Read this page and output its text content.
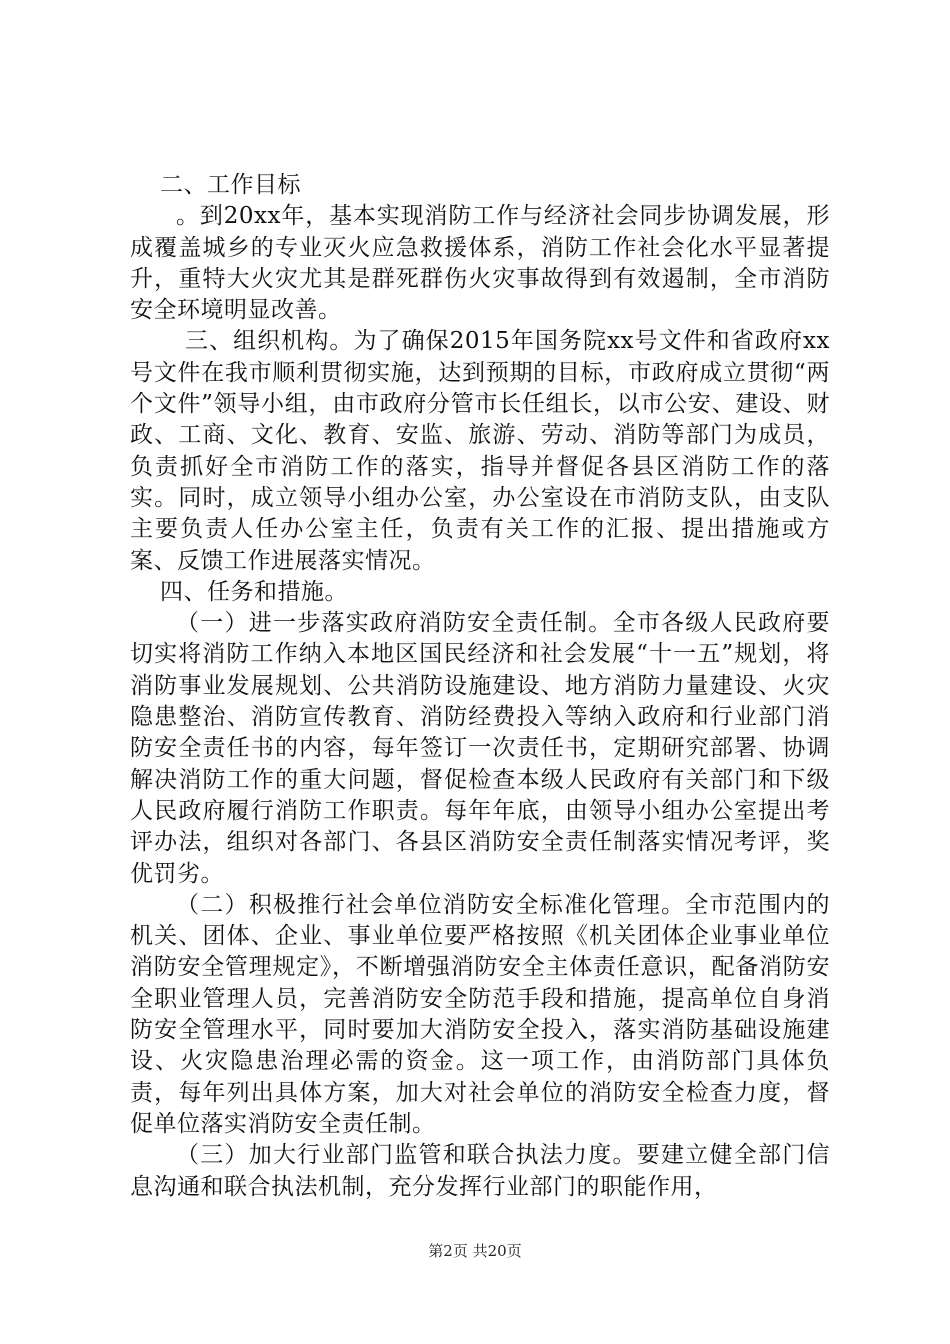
二、工作目标

。到20xx年，基本实现消防工作与经济社会同步协调发展，形成覆盖城乡的专业灭火应急救援体系，消防工作社会化水平显著提升，重特大火灾尤其是群死群伤火灾事故得到有效遏制，全市消防安全环境明显改善。

三、组织机构。为了确保2015年国务院xx号文件和省政府xx号文件在我市顺利贯彻实施，达到预期的目标，市政府成立贯彻“两个文件”领导小组，由市政府分管市长任组长，以市公安、建设、财政、工商、文化、教育、安监、旅游、劳动、消防等部门为成员，负责抓好全市消防工作的落实，指导并督促各县区消防工作的落实。同时，成立领导小组办公室，办公室设在市消防支队，由支队主要负责人任办公室主任，负责有关工作的汇报、提出措施或方案、反馈工作进展落实情况。

四、任务和措施。

（一）进一步落实政府消防安全责任制。全市各级人民政府要切实将消防工作纳入本地区国民经济和社会发展“十一五”规划，将消防事业发展规划、公共消防设施建设、地方消防力量建设、火灾隐患整治、消防宣传教育、消防经费投入等纳入政府和行业部门消防安全责任书的内容，每年签订一次责任书，定期研究部署、协调解决消防工作的重大问题，督促检查本级人民政府有关部门和下级人民政府履行消防工作职责。每年年底，由领导小组办公室提出考评办法，组织对各部门、各县区消防安全责任制落实情况考评，奖优罚劣。

（二）积极推行社会单位消防安全标准化管理。全市范围内的机关、团体、企业、事业单位要严格按照《机关团体企业事业单位消防安全管理规定》，不断增强消防安全主体责任意识，配备消防安全职业管理人员，完善消防安全防范手段和措施，提高单位自身消防安全管理水平，同时要加大消防安全投入，落实消防基础设施建设、火灾隐患治理必需的资金。这一项工作，由消防部门具体负责，每年列出具体方案，加大对社会单位的消防安全检查力度，督促单位落实消防安全责任制。

（三）加大行业部门监管和联合执法力度。要建立健全部门信息沟通和联合执法机制，充分发挥行业部门的职能作用，

第2页 共20页
